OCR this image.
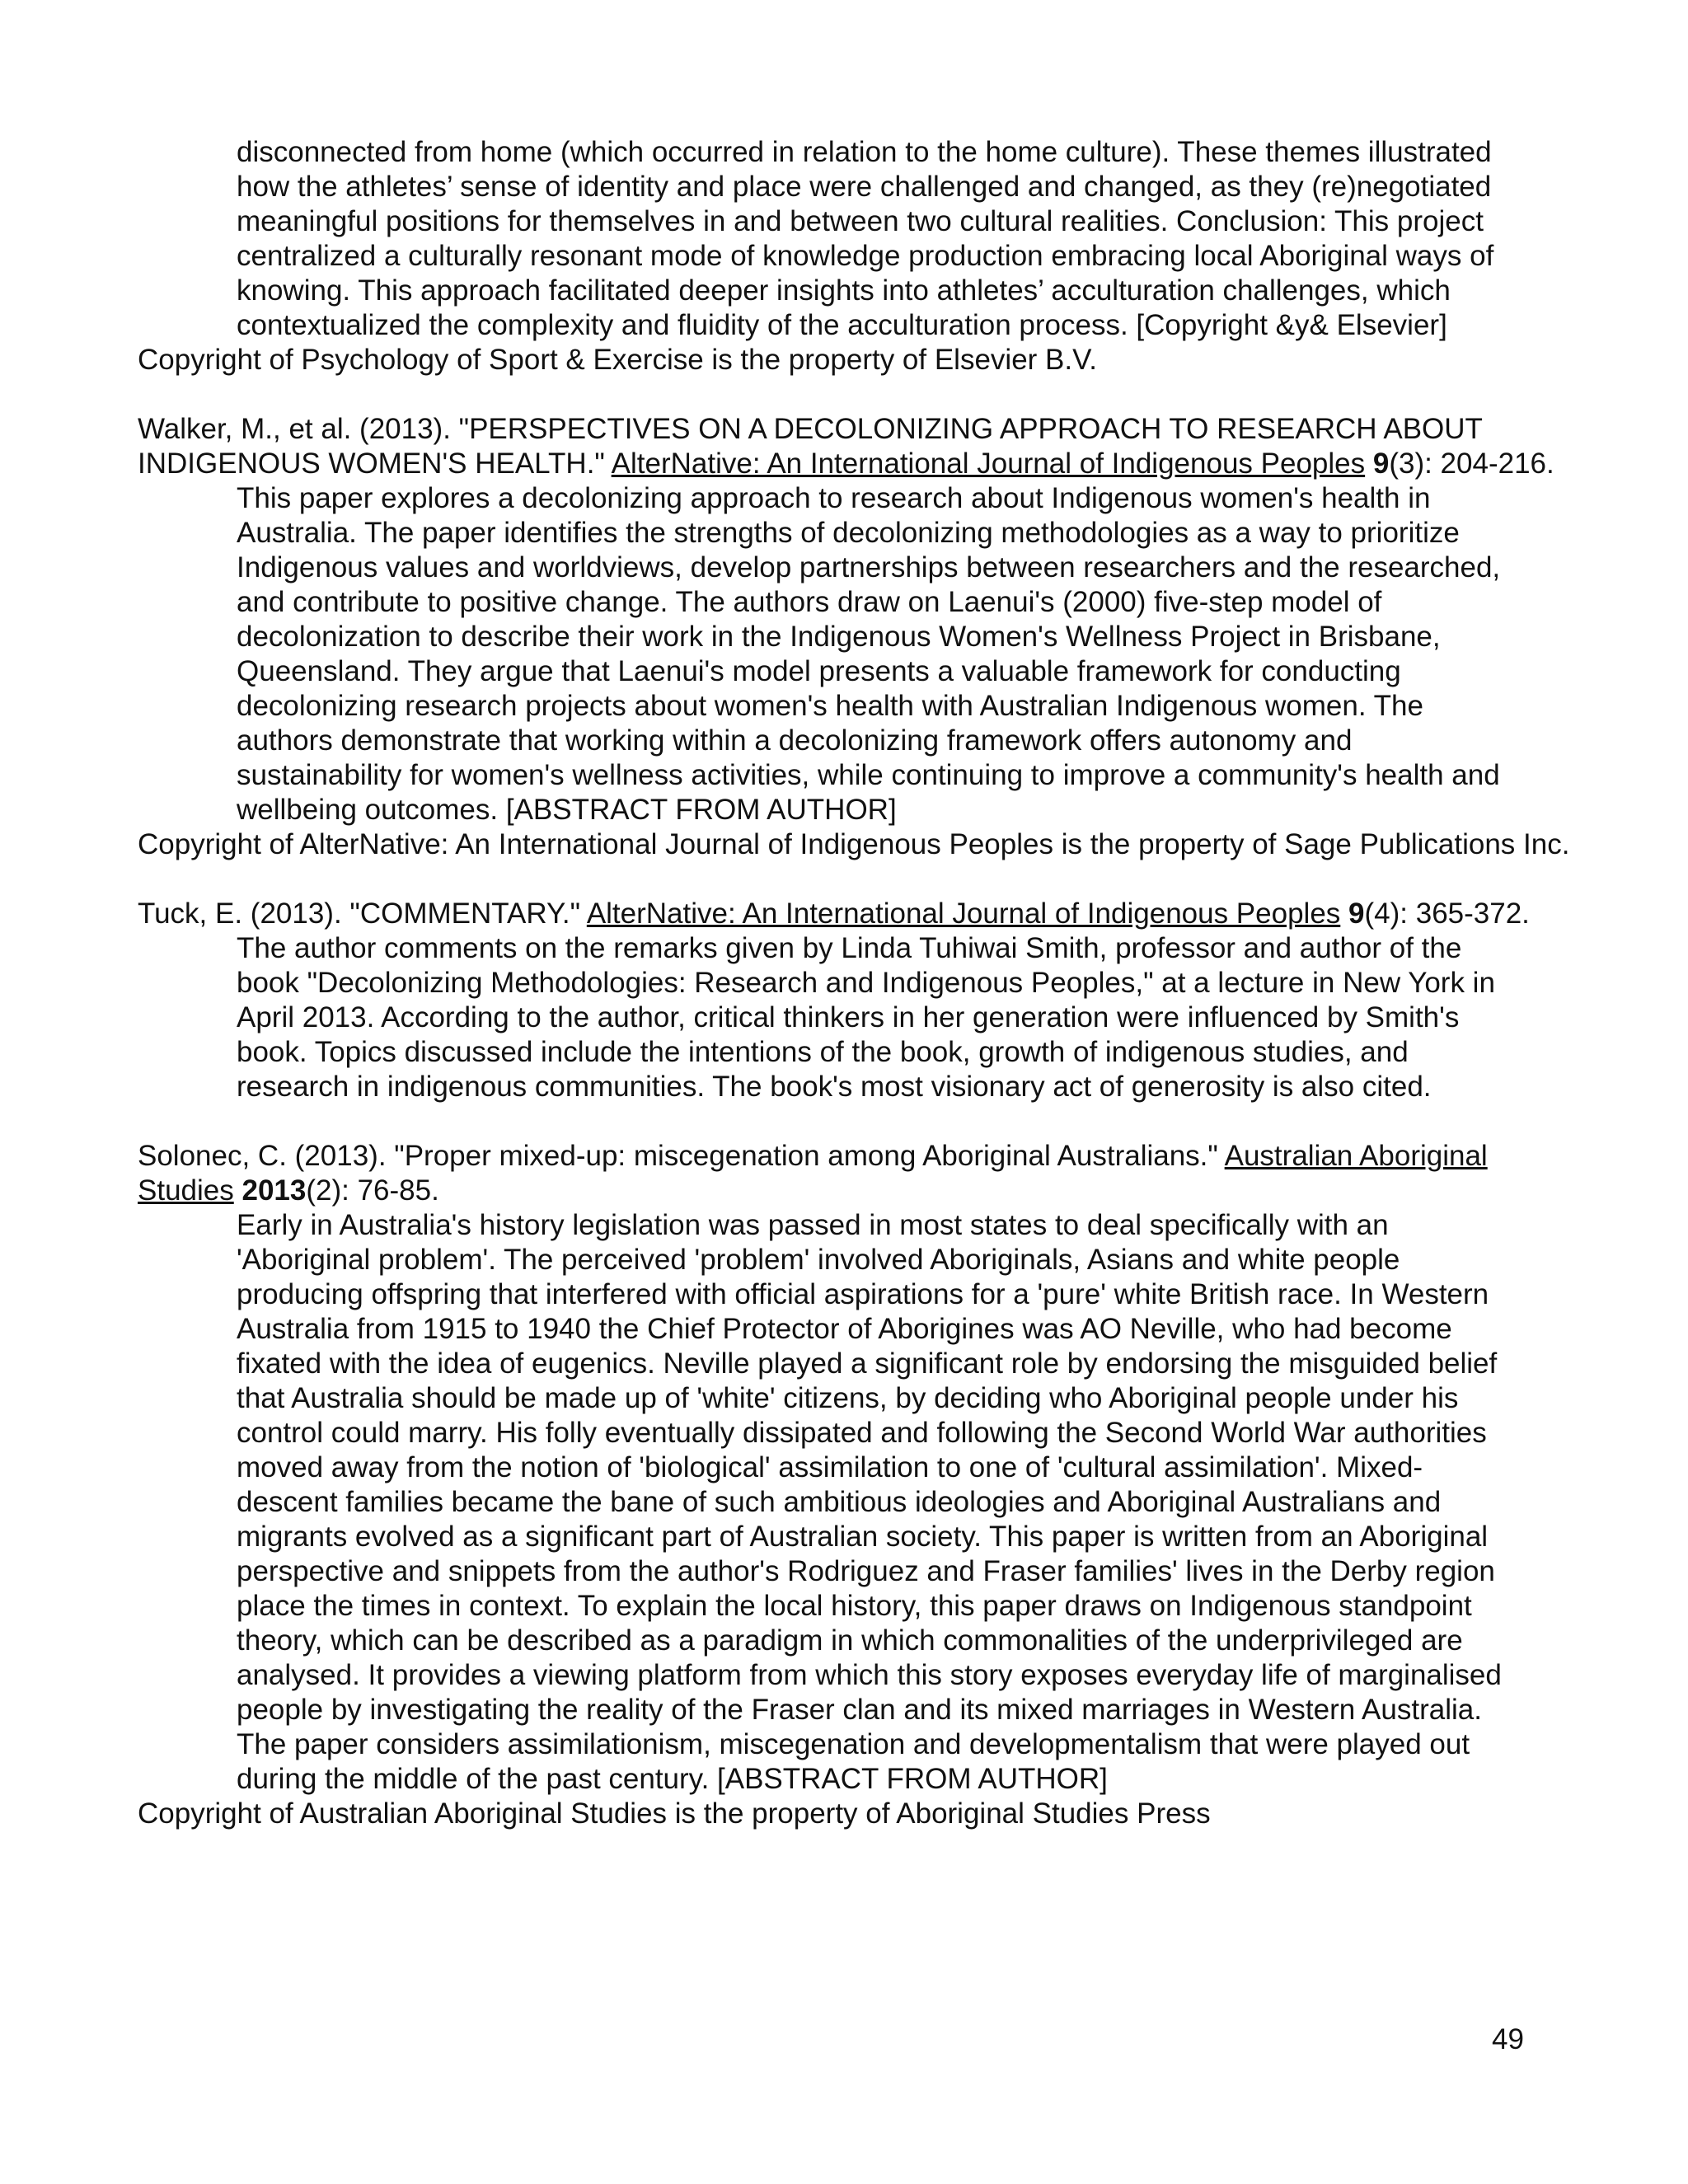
disconnected from home (which occurred in relation to the home culture). These themes illustrated
how the athletes’ sense of identity and place were challenged and changed, as they (re)negotiated
meaningful positions for themselves in and between two cultural realities. Conclusion: This project
centralized a culturally resonant mode of knowledge production embracing local Aboriginal ways of
knowing. This approach facilitated deeper insights into athletes’ acculturation challenges, which
contextualized the complexity and fluidity of the acculturation process. [Copyright &y& Elsevier]
Copyright of Psychology of Sport & Exercise is the property of Elsevier B.V.
Walker, M., et al. (2013). "PERSPECTIVES ON A DECOLONIZING APPROACH TO RESEARCH ABOUT INDIGENOUS WOMEN'S HEALTH." AlterNative: An International Journal of Indigenous Peoples 9(3): 204-216.
This paper explores a decolonizing approach to research about Indigenous women's health in
Australia. The paper identifies the strengths of decolonizing methodologies as a way to prioritize
Indigenous values and worldviews, develop partnerships between researchers and the researched,
and contribute to positive change. The authors draw on Laenui's (2000) five-step model of
decolonization to describe their work in the Indigenous Women's Wellness Project in Brisbane,
Queensland. They argue that Laenui's model presents a valuable framework for conducting
decolonizing research projects about women's health with Australian Indigenous women. The
authors demonstrate that working within a decolonizing framework offers autonomy and
sustainability for women's wellness activities, while continuing to improve a community's health and
wellbeing outcomes. [ABSTRACT FROM AUTHOR]
Copyright of AlterNative: An International Journal of Indigenous Peoples is the property of Sage Publications Inc.
Tuck, E. (2013). "COMMENTARY." AlterNative: An International Journal of Indigenous Peoples 9(4): 365-372.
The author comments on the remarks given by Linda Tuhiwai Smith, professor and author of the
book "Decolonizing Methodologies: Research and Indigenous Peoples," at a lecture in New York in
April 2013. According to the author, critical thinkers in her generation were influenced by Smith's
book. Topics discussed include the intentions of the book, growth of indigenous studies, and
research in indigenous communities. The book's most visionary act of generosity is also cited.
Solonec, C. (2013). "Proper mixed-up: miscegenation among Aboriginal Australians." Australian Aboriginal Studies 2013(2): 76-85.
Early in Australia's history legislation was passed in most states to deal specifically with an
'Aboriginal problem'. The perceived 'problem' involved Aboriginals, Asians and white people
producing offspring that interfered with official aspirations for a 'pure' white British race. In Western
Australia from 1915 to 1940 the Chief Protector of Aborigines was AO Neville, who had become
fixated with the idea of eugenics. Neville played a significant role by endorsing the misguided belief
that Australia should be made up of 'white' citizens, by deciding who Aboriginal people under his
control could marry. His folly eventually dissipated and following the Second World War authorities
moved away from the notion of 'biological' assimilation to one of 'cultural assimilation'. Mixed-
descent families became the bane of such ambitious ideologies and Aboriginal Australians and
migrants evolved as a significant part of Australian society. This paper is written from an Aboriginal
perspective and snippets from the author's Rodriguez and Fraser families' lives in the Derby region
place the times in context. To explain the local history, this paper draws on Indigenous standpoint
theory, which can be described as a paradigm in which commonalities of the underprivileged are
analysed. It provides a viewing platform from which this story exposes everyday life of marginalised
people by investigating the reality of the Fraser clan and its mixed marriages in Western Australia.
The paper considers assimilationism, miscegenation and developmentalism that were played out
during the middle of the past century. [ABSTRACT FROM AUTHOR]
Copyright of Australian Aboriginal Studies is the property of Aboriginal Studies Press
49
